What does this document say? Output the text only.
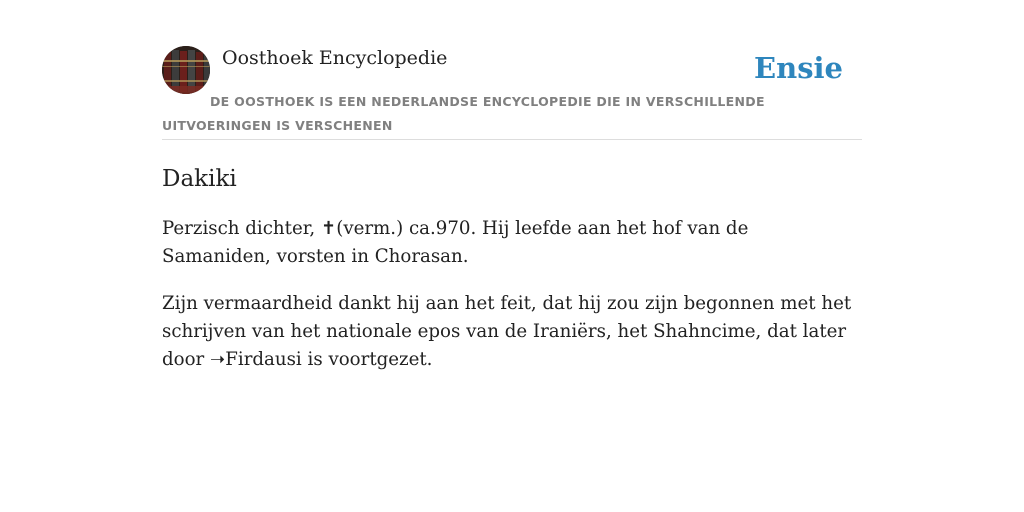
Oosthoek Encyclopedie	Ensie
DE OOSTHOEK IS EEN NEDERLANDSE ENCYCLOPEDIE DIE IN VERSCHILLENDE UITVOERINGEN IS VERSCHENEN
Dakiki

Perzisch dichter, ✝(verm.) ca.970. Hij leefde aan het hof van de Samaniden, vorsten in Chorasan.

Zijn vermaardheid dankt hij aan het feit, dat hij zou zijn begonnen met het schrijven van het nationale epos van de Iraniërs, het Shahncime, dat later door ➝Firdausi is voortgezet.
